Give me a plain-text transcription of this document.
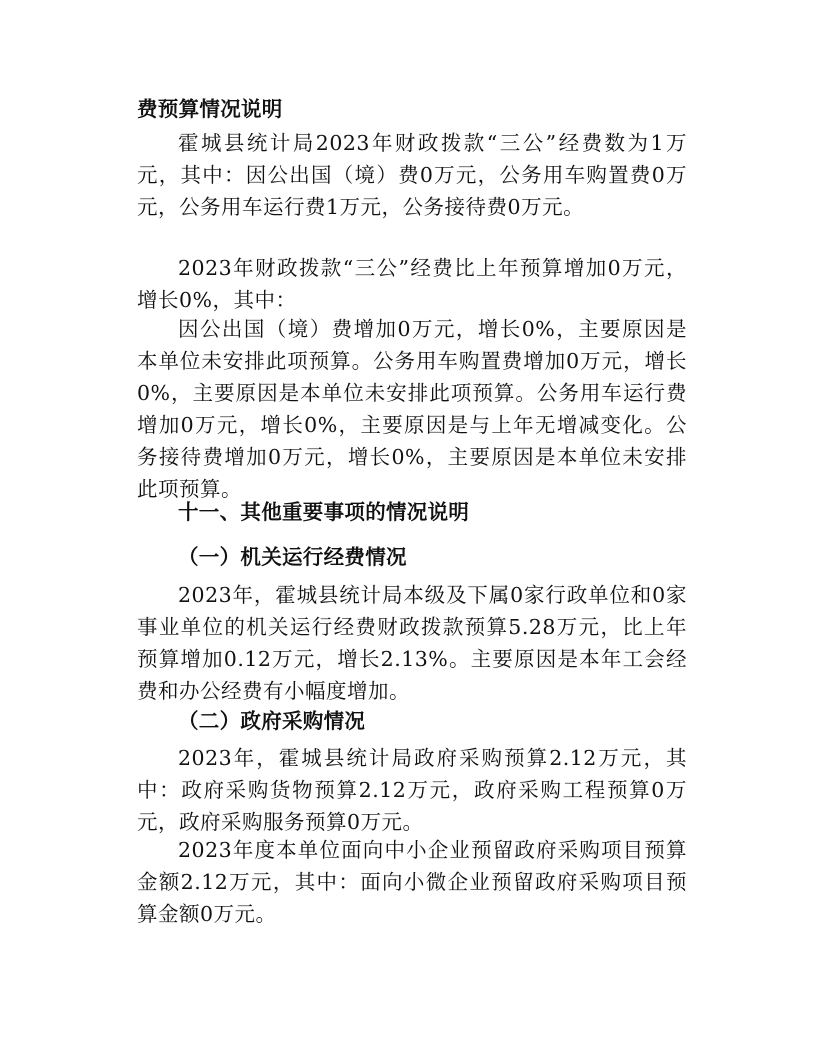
费预算情况说明

霍城县统计局2023年财政拨款“三公”经费数为1万元，其中：因公出国（境）费0万元，公务用车购置费0万元，公务用车运行费1万元，公务接待费0万元。

2023年财政拨款“三公”经费比上年预算增加0万元，增长0%，其中：

因公出国（境）费增加0万元，增长0%，主要原因是本单位未安排此项预算。公务用车购置费增加0万元，增长0%，主要原因是本单位未安排此项预算。公务用车运行费增加0万元，增长0%，主要原因是与上年无增减变化。公务接待费增加0万元，增长0%，主要原因是本单位未安排此项预算。

十一、其他重要事项的情况说明

（一）机关运行经费情况

2023年，霍城县统计局本级及下属0家行政单位和0家事业单位的机关运行经费财政拨款预算5.28万元，比上年预算增加0.12万元，增长2.13%。主要原因是本年工会经费和办公经费有小幅度增加。

（二）政府采购情况

2023年，霍城县统计局政府采购预算2.12万元，其中：政府采购货物预算2.12万元，政府采购工程预算0万元，政府采购服务预算0万元。

2023年度本单位面向中小企业预留政府采购项目预算金额2.12万元，其中：面向小微企业预留政府采购项目预算金额0万元。
